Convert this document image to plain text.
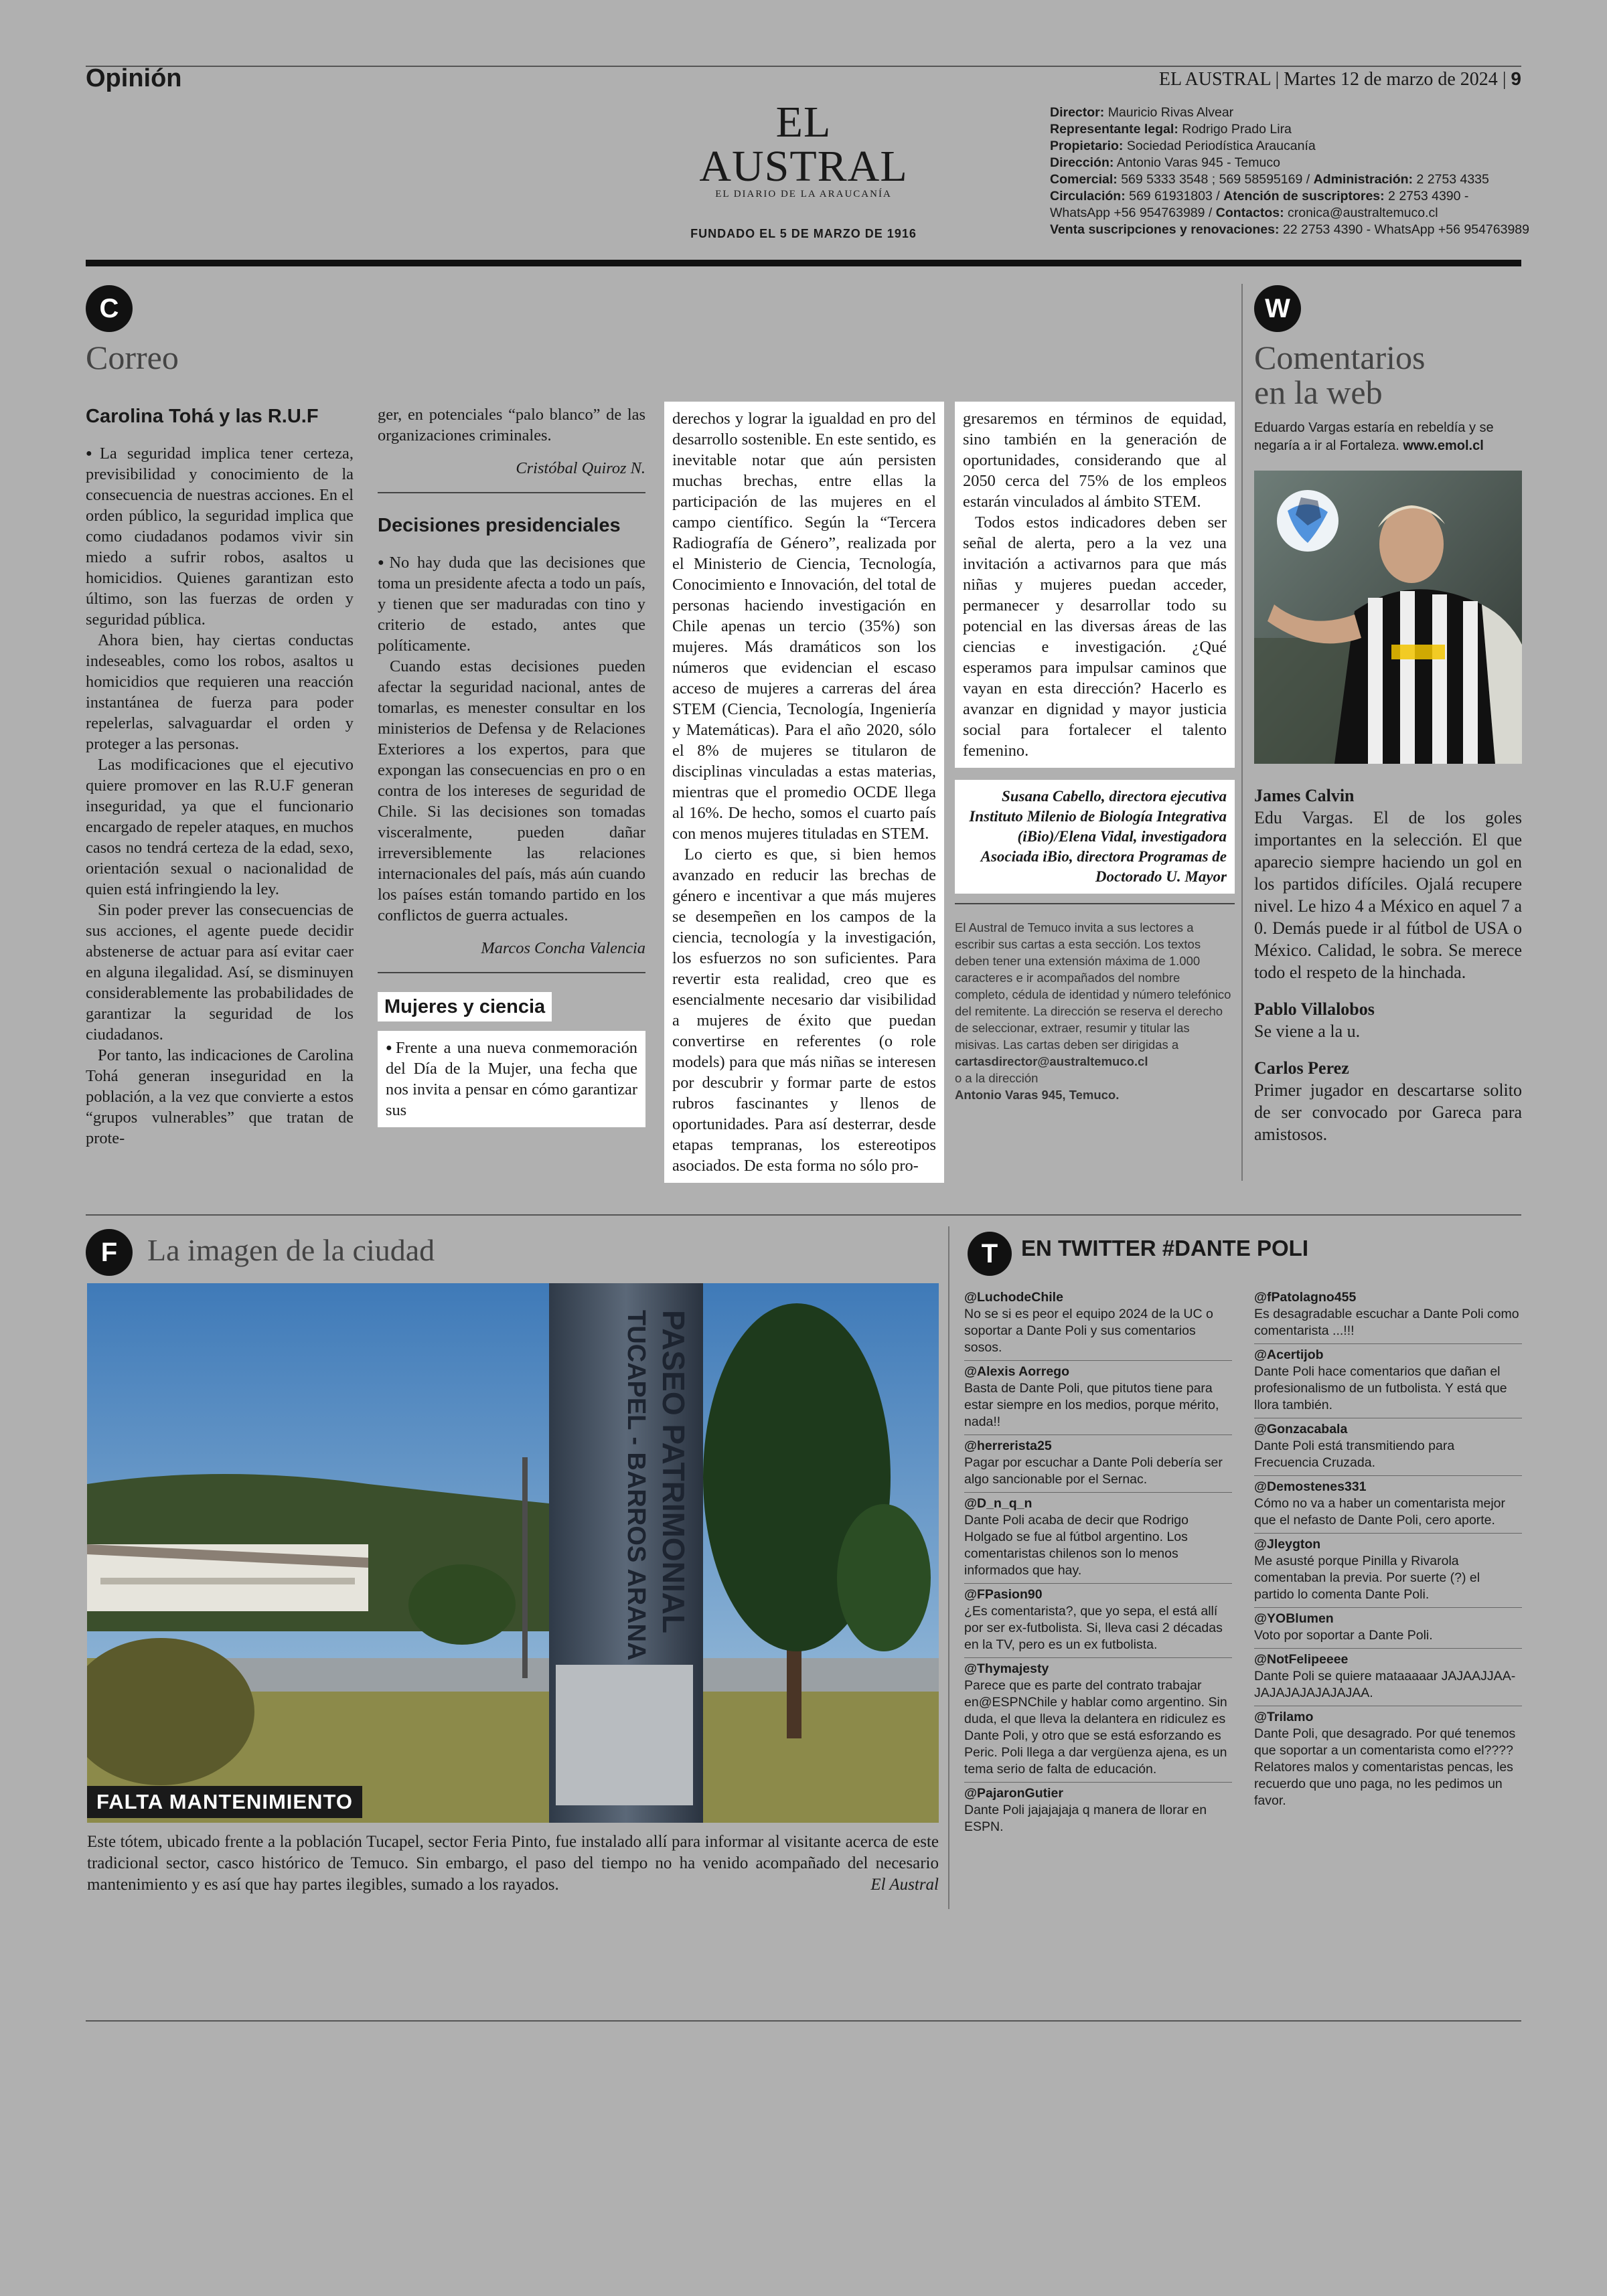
Opinión	EL AUSTRAL | Martes 12 de marzo de 2024 | 9
EL AUSTRAL
EL DIARIO DE LA ARAUCANÍA
FUNDADO EL 5 DE MARZO DE 1916
Director: Mauricio Rivas Alvear
Representante legal: Rodrigo Prado Lira
Propietario: Sociedad Periodística Araucanía
Dirección: Antonio Varas 945 - Temuco
Comercial: 569 5333 3548 ; 569 58595169 / Administración: 2 2753 4335
Circulación: 569 61931803 / Atención de suscriptores: 2 2753 4390 - WhatsApp +56 954763989 / Contactos: cronica@australtemuco.cl
Venta suscripciones y renovaciones: 22 2753 4390 - WhatsApp +56 954763989
C
Correo
Carolina Tohá y las R.U.F

● La seguridad implica tener certeza, previsibilidad y conocimiento de la consecuencia de nuestras acciones. En el orden público, la seguridad implica que como ciudadanos podamos vivir sin miedo a sufrir robos, asaltos u homicidios. Quienes garantizan esto último, son las fuerzas de orden y seguridad pública.

Ahora bien, hay ciertas conductas indeseables, como los robos, asaltos u homicidios que requieren una reacción instantánea de fuerza para poder repelerlas, salvaguardar el orden y proteger a las personas.

Las modificaciones que el ejecutivo quiere promover en las R.U.F generan inseguridad, ya que el funcionario encargado de repeler ataques, en muchos casos no tendrá certeza de la edad, sexo, orientación sexual o nacionalidad de quien está infringiendo la ley.

Sin poder prever las consecuencias de sus acciones, el agente puede decidir abstenerse de actuar para así evitar caer en alguna ilegalidad. Así, se disminuyen considerablemente las probabilidades de garantizar la seguridad de los ciudadanos.

Por tanto, las indicaciones de Carolina Tohá generan inseguridad en la población, a la vez que convierte a estos “grupos vulnerables” que tratan de prote-

ger, en potenciales “palo blanco” de las organizaciones criminales.

Cristóbal Quiroz N.
Decisiones presidenciales

● No hay duda que las decisiones que toma un presidente afecta a todo un país, y tienen que ser maduradas con tino y criterio de estado, antes que políticamente.

Cuando estas decisiones pueden afectar la seguridad nacional, antes de tomarlas, es menester consultar en los ministerios de Defensa y de Relaciones Exteriores a los expertos, para que expongan las consecuencias en pro o en contra de los intereses de seguridad de Chile. Si las decisiones son tomadas visceralmente, pueden dañar irreversiblemente las relaciones internacionales del país, más aún cuando los países están tomando partido en los conflictos de guerra actuales.

Marcos Concha Valencia
Mujeres y ciencia

● Frente a una nueva conmemoración del Día de la Mujer, una fecha que nos invita a pensar en cómo garantizar sus

derechos y lograr la igualdad en pro del desarrollo sostenible. En este sentido, es inevitable notar que aún persisten muchas brechas, entre ellas la participación de las mujeres en el campo científico. Según la “Tercera Radiografía de Género”, realizada por el Ministerio de Ciencia, Tecnología, Conocimiento e Innovación, del total de personas haciendo investigación en Chile apenas un tercio (35%) son mujeres. Más dramáticos son los números que evidencian el escaso acceso de mujeres a carreras del área STEM (Ciencia, Tecnología, Ingeniería y Matemáticas). Para el año 2020, sólo el 8% de mujeres se titularon de disciplinas vinculadas a estas materias, mientras que el promedio OCDE llega al 16%. De hecho, somos el cuarto país con menos mujeres tituladas en STEM.

Lo cierto es que, si bien hemos avanzado en reducir las brechas de género e incentivar a que más mujeres se desempeñen en los campos de la ciencia, tecnología y la investigación, los esfuerzos no son suficientes. Para revertir esta realidad, creo que es esencialmente necesario dar visibilidad a mujeres de éxito que puedan convertirse en referentes (o role models) para que más niñas se interesen por descubrir y formar parte de estos rubros fascinantes y llenos de oportunidades. Para así desterrar, desde etapas tempranas, los estereotipos asociados. De esta forma no sólo pro-

gresaremos en términos de equidad, sino también en la generación de oportunidades, considerando que al 2050 cerca del 75% de los empleos estarán vinculados al ámbito STEM.

Todos estos indicadores deben ser señal de alerta, pero a la vez una invitación a activarnos para que más niñas y mujeres puedan acceder, permanecer y desarrollar todo su potencial en las diversas áreas de las ciencias e investigación. ¿Qué esperamos para impulsar caminos que vayan en esta dirección? Hacerlo es avanzar en dignidad y mayor justicia social para fortalecer el talento femenino.

Susana Cabello, directora ejecutiva Instituto Milenio de Biología Integrativa (iBio)/Elena Vidal, investigadora Asociada iBio, directora Programas de Doctorado U. Mayor
El Austral de Temuco invita a sus lectores a escribir sus cartas a esta sección. Los textos deben tener una extensión máxima de 1.000 caracteres e ir acompañados del nombre completo, cédula de identidad y número telefónico del remitente. La dirección se reserva el derecho de seleccionar, extraer, resumir y titular las misivas. Las cartas deben ser dirigidas a
cartasdirector@australtemuco.cl
o a la dirección
Antonio Varas 945, Temuco.
W
Comentarios
en la web
Eduardo Vargas estaría en rebeldía y se negaría a ir al Fortaleza. www.emol.cl
James Calvin
Edu Vargas. El de los goles importantes en la selección. El que aparecio siempre haciendo un gol en los partidos difíciles. Ojalá recupere nivel. Le hizo 4 a México en aquel 7 a 0. Demás puede ir al fútbol de USA o México. Calidad, le sobra. Se merece todo el respeto de la hinchada.
Pablo Villalobos
Se viene a la u.
Carlos Perez
Primer jugador en descartarse solito de ser convocado por Gareca para amistosos.
F La imagen de la ciudad
PASEO PATRIMONIAL
TUCAPEL - BARROS ARANA
FALTA MANTENIMIENTO
Este tótem, ubicado frente a la población Tucapel, sector Feria Pinto, fue instalado allí para informar al visitante acerca de este tradicional sector, casco histórico de Temuco. Sin embargo, el paso del tiempo no ha venido acompañado del necesario mantenimiento y es así que hay partes ilegibles, sumado a los rayados.	El Austral
T	EN TWITTER #DANTE POLI
@LuchodeChile
No se si es peor el equipo 2024 de la UC o soportar a Dante Poli y sus comentarios sosos.
@Alexis Aorrego
Basta de Dante Poli, que pitutos tiene para estar siempre en los medios, porque mérito, nada!!
@herrerista25
Pagar por escuchar a Dante Poli debería ser algo sancionable por el Sernac.
@D_n_q_n
Dante Poli acaba de decir que Rodrigo Holgado se fue al fútbol argentino. Los comentaristas chilenos son lo menos informados que hay.
@FPasion90
¿Es comentarista?, que yo sepa, el está allí por ser ex-futbolista. Si, lleva casi 2 décadas en la TV, pero es un ex futbolista.
@Thymajesty
Parece que es parte del contrato trabajar en@ESPNChile y hablar como argentino. Sin duda, el que lleva la delantera en ridiculez es Dante Poli, y otro que se está esforzando es Peric. Poli llega a dar vergüenza ajena, es un tema serio de falta de educación.
@PajaronGutier
Dante Poli jajajajaja q manera de llorar en ESPN.
@fPatolagno455
Es desagradable escuchar a Dante Poli como comentarista ...!!!
@Acertijob
Dante Poli hace comentarios que dañan el profesionalismo de un futbolista. Y está que llora también.
@Gonzacabala
Dante Poli está transmitiendo para Frecuencia Cruzada.
@Demostenes331
Cómo no va a haber un comentarista mejor que el nefasto de Dante Poli, cero aporte.
@Jleygton
Me asusté porque Pinilla y Rivarola comentaban la previa. Por suerte (?) el partido lo comenta Dante Poli.
@YOBlumen
Voto por soportar a Dante Poli.
@NotFelipeeee
Dante Poli se quiere mataaaaar JAJAAJJAA-JAJAJAJAJAJAJAA.
@Trilamo
Dante Poli, que desagrado. Por qué tenemos que soportar a un comentarista como el???? Relatores malos y comentaristas pencas, les recuerdo que uno paga, no les pedimos un favor.
